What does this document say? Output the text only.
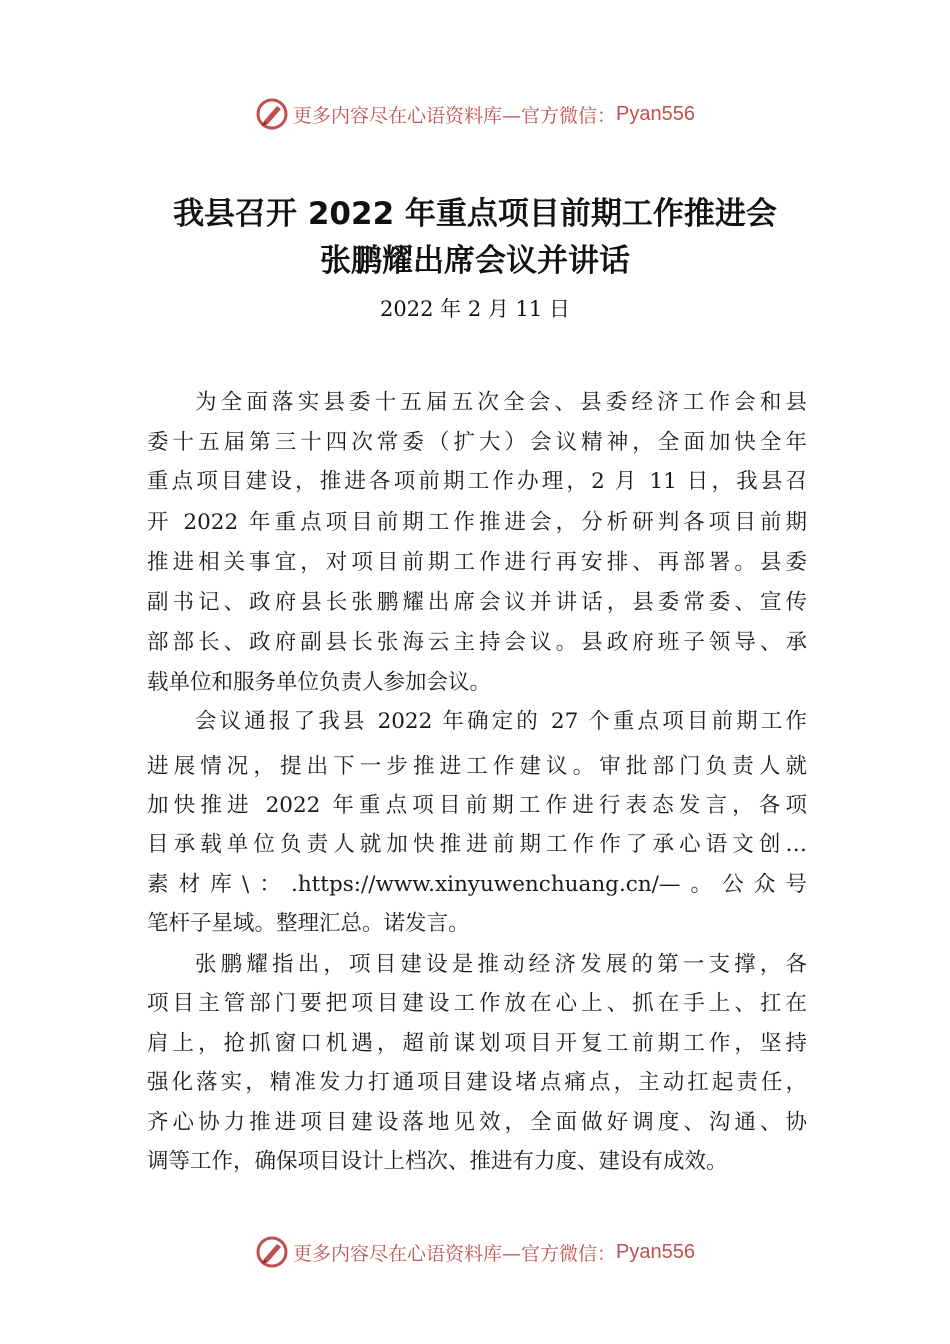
更多内容尽在心语资料库—官方微信： Pyan556
我县召开 2022 年重点项目前期工作推进会
张鹏耀出席会议并讲话
2022 年 2 月 11 日
为全面落实县委十五届五次全会、县委经济工作会和县
委十五届第三十四次常委（扩大）会议精神，全面加快全年
重点项目建设，推进各项前期工作办理，2 月 11 日，我县召
开 2022 年重点项目前期工作推进会，分析研判各项目前期
推进相关事宜，对项目前期工作进行再安排、再部署。县委
副书记、政府县长张鹏耀出席会议并讲话，县委常委、宣传
部部长、政府副县长张海云主持会议。县政府班子领导、承
载单位和服务单位负责人参加会议。
会议通报了我县 2022 年确定的 27 个重点项目前期工作
进展情况，提出下一步推进工作建议。审批部门负责人就
加快推进 2022 年重点项目前期工作进行表态发言，各项
目承载单位负责人就加快推进前期工作作了承心语文创…
素材库\：.https://www.xinyuwenchuang.cn/—。公众号
笔杆子星域。整理汇总。诺发言。
张鹏耀指出，项目建设是推动经济发展的第一支撑，各
项目主管部门要把项目建设工作放在心上、抓在手上、扛在
肩上，抢抓窗口机遇，超前谋划项目开复工前期工作，坚持
强化落实，精准发力打通项目建设堵点痛点，主动扛起责任，
齐心协力推进项目建设落地见效，全面做好调度、沟通、协
调等工作，确保项目设计上档次、推进有力度、建设有成效。
更多内容尽在心语资料库—官方微信： Pyan556
